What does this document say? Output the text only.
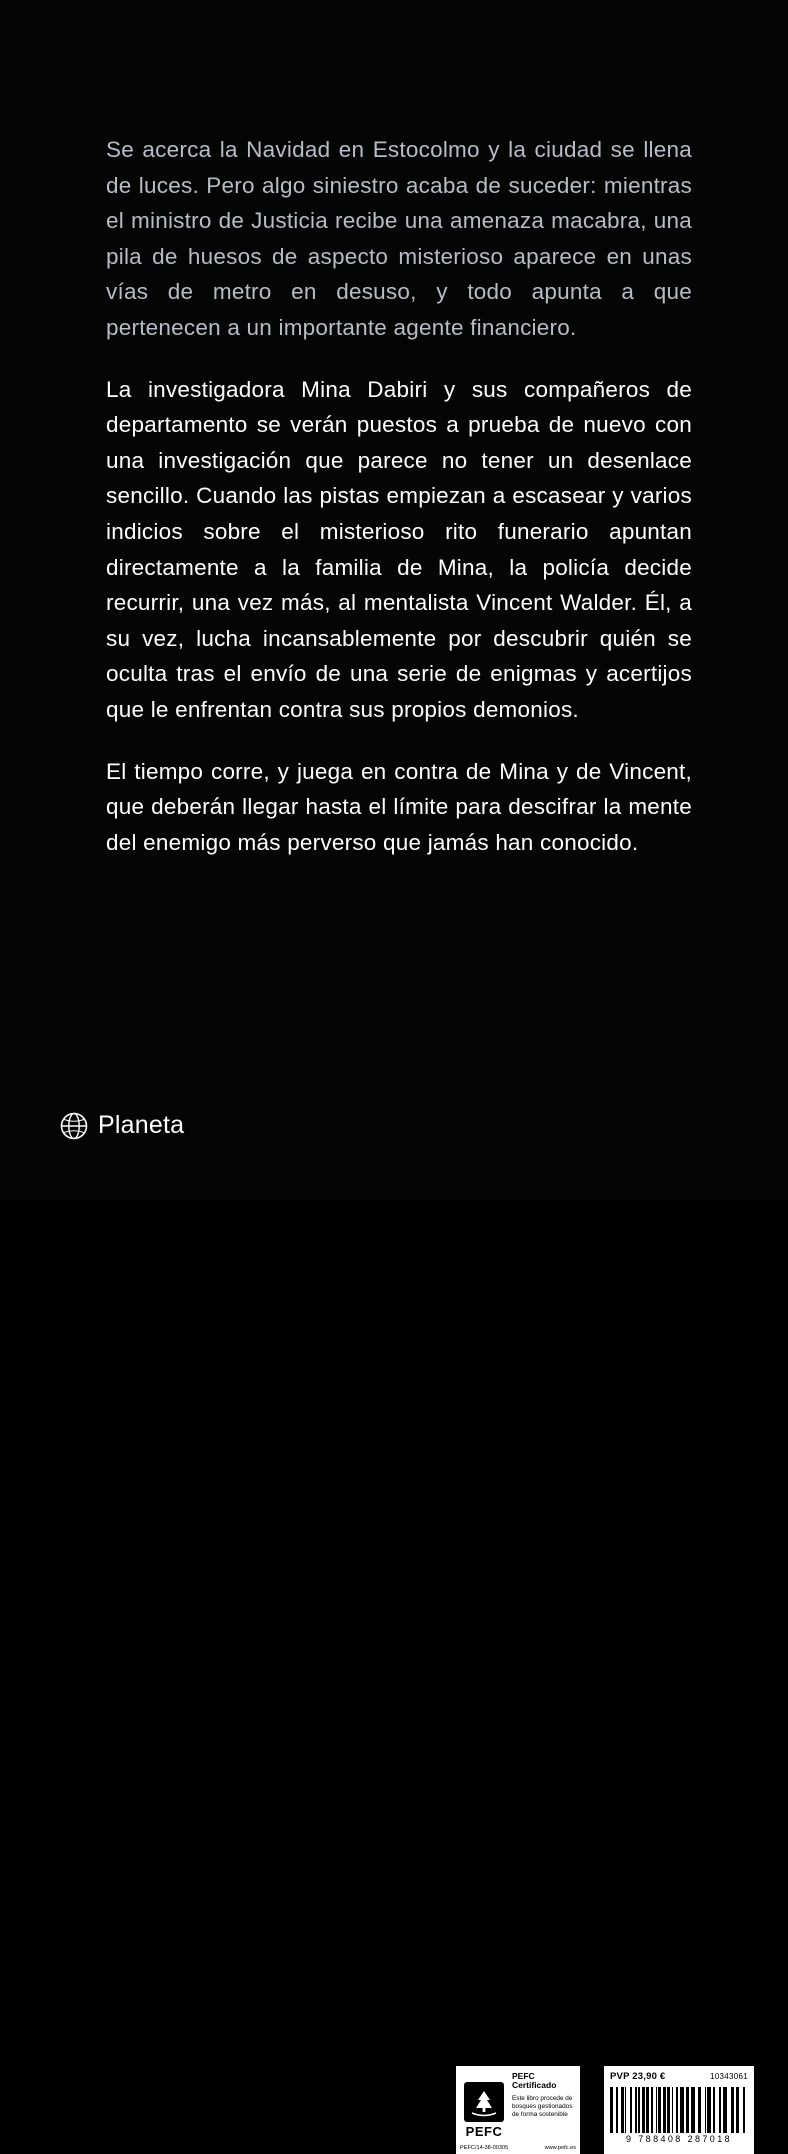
Se acerca la Navidad en Estocolmo y la ciudad se llena de luces. Pero algo siniestro acaba de suceder: mientras el ministro de Justicia recibe una amenaza macabra, una pila de huesos de aspecto misterioso aparece en unas vías de metro en desuso, y todo apunta a que pertenecen a un importante agente financiero.

La investigadora Mina Dabiri y sus compañeros de departamento se verán puestos a prueba de nuevo con una investigación que parece no tener un desenlace sencillo. Cuando las pistas empiezan a escasear y varios indicios sobre el misterioso rito funerario apuntan directamente a la familia de Mina, la policía decide recurrir, una vez más, al mentalista Vincent Walder. Él, a su vez, lucha incansablemente por descubrir quién se oculta tras el envío de una serie de enigmas y acertijos que le enfrentan contra sus propios demonios.

El tiempo corre, y juega en contra de Mina y de Vincent, que deberán llegar hasta el límite para descifrar la mente del enemigo más perverso que jamás han conocido.

Planeta
PEFC
PEFC Certificado
Este libro procede de bosques gestionados de forma sostenible
PEFC/14-38-00305	www.pefc.es
PVP 23,90 €	10343061
9 788408 287018
